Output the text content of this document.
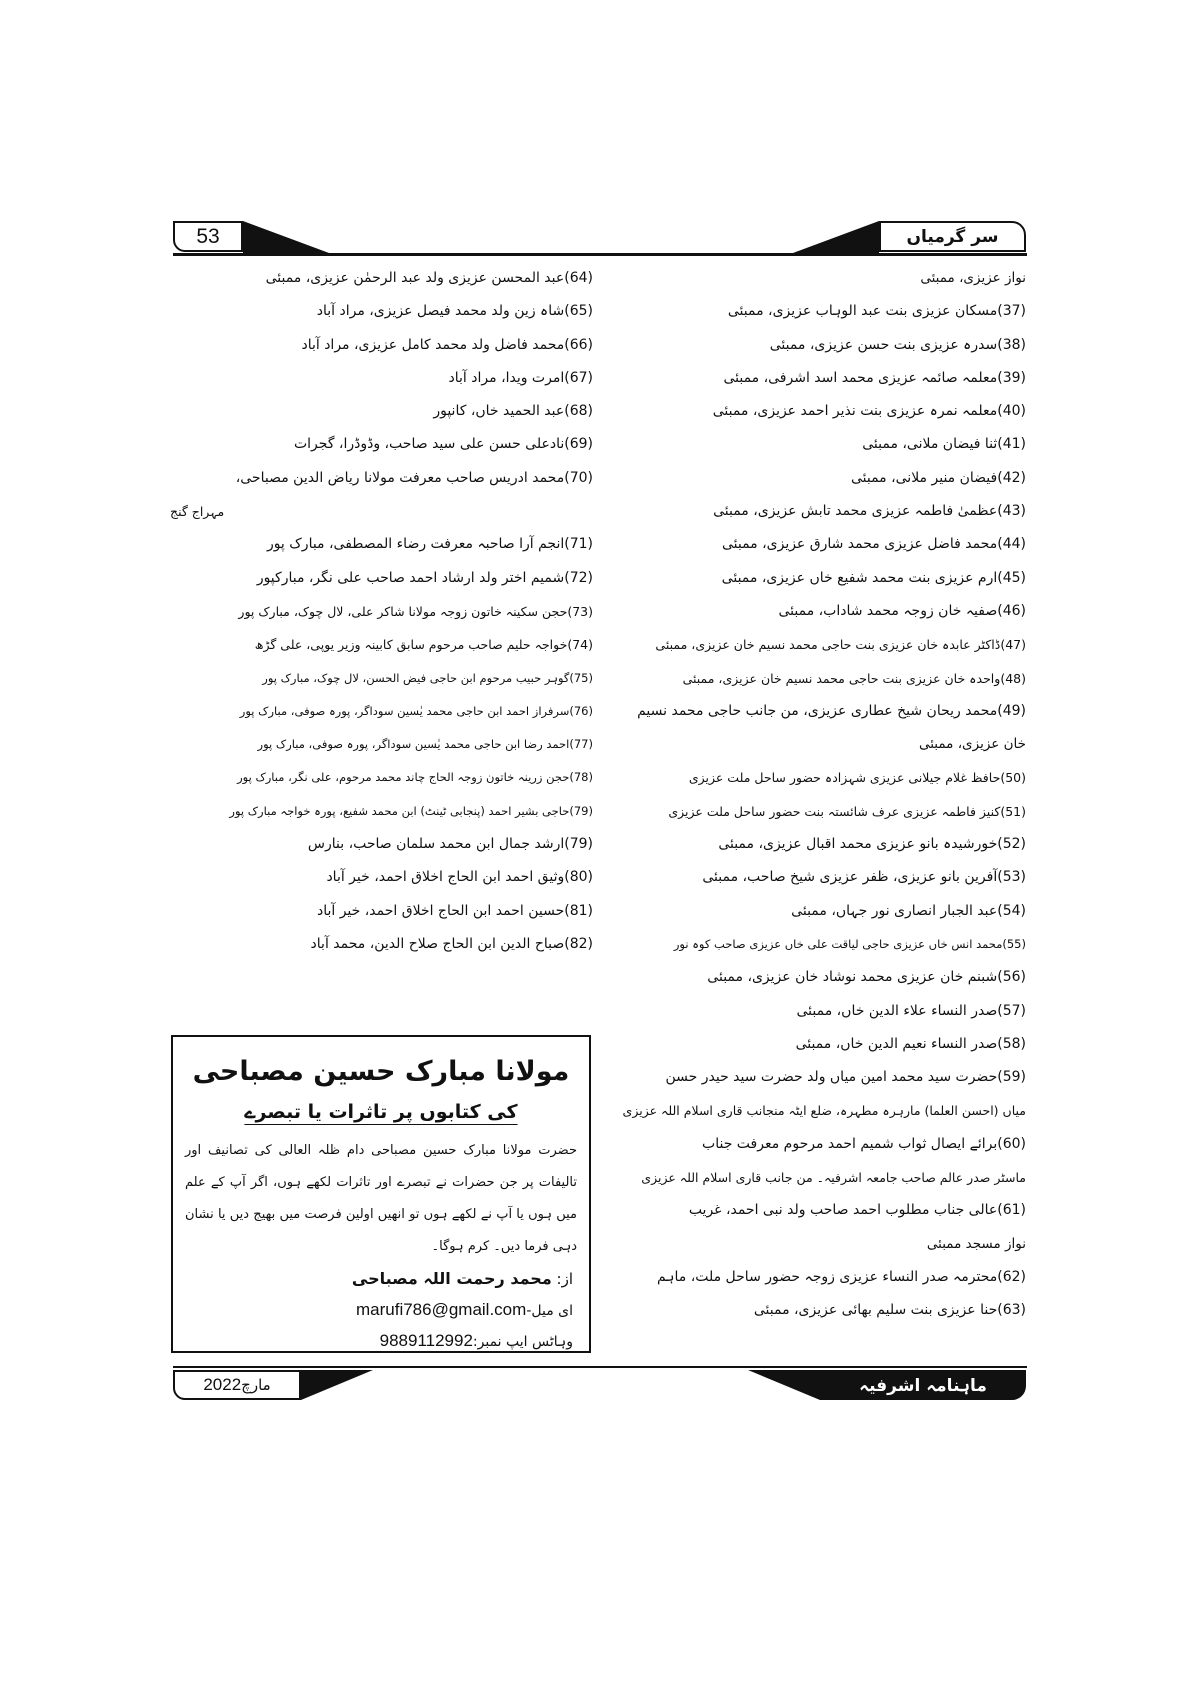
53	سر گرمیاں
نواز عزیزی، ممبئی
(37)مسکان عزیزی بنت عبد الوہاب عزیزی، ممبئی
(38)سدرہ عزیزی بنت حسن عزیزی، ممبئی
(39)معلمہ صائمہ عزیزی محمد اسد اشرفی، ممبئی
(40)معلمہ نمرہ عزیزی بنت نذیر احمد عزیزی، ممبئی
(41)ثنا فیضان ملانی، ممبئی
(42)فیضان منیر ملانی، ممبئی
(43)عظمیٰ فاطمہ عزیزی محمد تابش عزیزی، ممبئی
(44)محمد فاضل عزیزی محمد شارق عزیزی، ممبئی
(45)ارم عزیزی بنت محمد شفیع خاں عزیزی، ممبئی
(46)صفیہ خان زوجہ محمد شاداب، ممبئی
(47)ڈاکٹر عابدہ خان عزیزی بنت حاجی محمد نسیم خان عزیزی، ممبئی
(48)واحدہ خان عزیزی بنت حاجی محمد نسیم خان عزیزی، ممبئی
(49)محمد ریحان شیخ عطاری عزیزی، من جانب حاجی محمد نسیم
خان عزیزی، ممبئی
(50)حافظ غلام جیلانی عزیزی شہزادہ حضور ساحل ملت عزیزی
(51)کنیز فاطمہ عزیزی عرف شائستہ بنت حضور ساحل ملت عزیزی
(52)خورشیدہ بانو عزیزی محمد اقبال عزیزی، ممبئی
(53)آفرین بانو عزیزی، ظفر عزیزی شیخ صاحب، ممبئی
(54)عبد الجبار انصاری نور جہاں، ممبئی
(55)محمد انس خاں عزیزی حاجی لیاقت علی خاں عزیزی صاحب کوہ نور
(56)شبنم خان عزیزی محمد نوشاد خان عزیزی، ممبئی
(57)صدر النساء علاء الدین خاں، ممبئی
(58)صدر النساء نعیم الدین خاں، ممبئی
(59)حضرت سید محمد امین میاں ولد حضرت سید حیدر حسن
میاں (احسن العلما) مارہرہ مطہرہ، ضلع ایٹہ منجانب قاری اسلام اللہ عزیزی
(60)برائے ایصال ثواب شمیم احمد مرحوم معرفت جناب
ماسٹر صدر عالم صاحب جامعہ اشرفیہ۔ من جانب قاری اسلام اللہ عزیزی
(61)عالی جناب مطلوب احمد صاحب ولد نبی احمد، غریب
نواز مسجد ممبئی
(62)محترمہ صدر النساء عزیزی زوجہ حضور ساحل ملت، ماہم
(63)حنا عزیزی بنت سلیم بھائی عزیزی، ممبئی
(64)عبد المحسن عزیزی ولد عبد الرحمٰن عزیزی، ممبئی
(65)شاہ زین ولد محمد فیصل عزیزی، مراد آباد
(66)محمد فاضل ولد محمد کامل عزیزی، مراد آباد
(67)امرت ویدا، مراد آباد
(68)عبد الحمید خاں، کانپور
(69)نادعلی حسن علی سید صاحب، وڈوڈرا، گجرات
(70)محمد ادریس صاحب معرفت مولانا ریاض الدین مصباحی،
مہراج گنج
(71)انجم آرا صاحبہ معرفت رضاء المصطفی، مبارک پور
(72)شمیم اختر ولد ارشاد احمد صاحب علی نگر، مبارکپور
(73)حجن سکینہ خاتون زوجہ مولانا شاکر علی، لال چوک، مبارک پور
(74)خواجہ حلیم صاحب مرحوم سابق کابینہ وزیر یوپی، علی گڑھ
(75)گوہر حبیب مرحوم ابن حاجی فیض الحسن، لال چوک، مبارک پور
(76)سرفراز احمد ابن حاجی محمد یٰسین سوداگر، پورہ صوفی، مبارک پور
(77)احمد رضا ابن حاجی محمد یٰسین سوداگر، پورہ صوفی، مبارک پور
(78)حجن زرینہ خاتون زوجہ الحاج چاند محمد مرحوم، علی نگر، مبارک پور
(79)حاجی بشیر احمد (پنجابی ٹینٹ) ابن محمد شفیع، پورہ خواجہ مبارک پور
(79)ارشد جمال ابن محمد سلمان صاحب، بنارس
(80)وثیق احمد ابن الحاج اخلاق احمد، خیر آباد
(81)حسین احمد ابن الحاج اخلاق احمد، خیر آباد
(82)صباح الدین ابن الحاج صلاح الدین، محمد آباد
مولانا مبارک حسین مصباحی
کی کتابوں پر تاثرات یا تبصرے
حضرت مولانا مبارک حسین مصباحی دام ظلہ العالی کی تصانیف اور تالیفات پر جن حضرات نے تبصرے اور تاثرات لکھے ہوں، اگر آپ کے علم میں ہوں یا آپ نے لکھے ہوں تو انھیں اولین فرصت میں بھیج دیں یا نشان دہی فرما دیں۔ کرم ہوگا۔
از: محمد رحمت اللہ مصباحی
ای میل-marufi786@gmail.com
وہاٹس ایپ نمبر:9889112992
مارچ
2022	ماہنامہ اشرفیہ
